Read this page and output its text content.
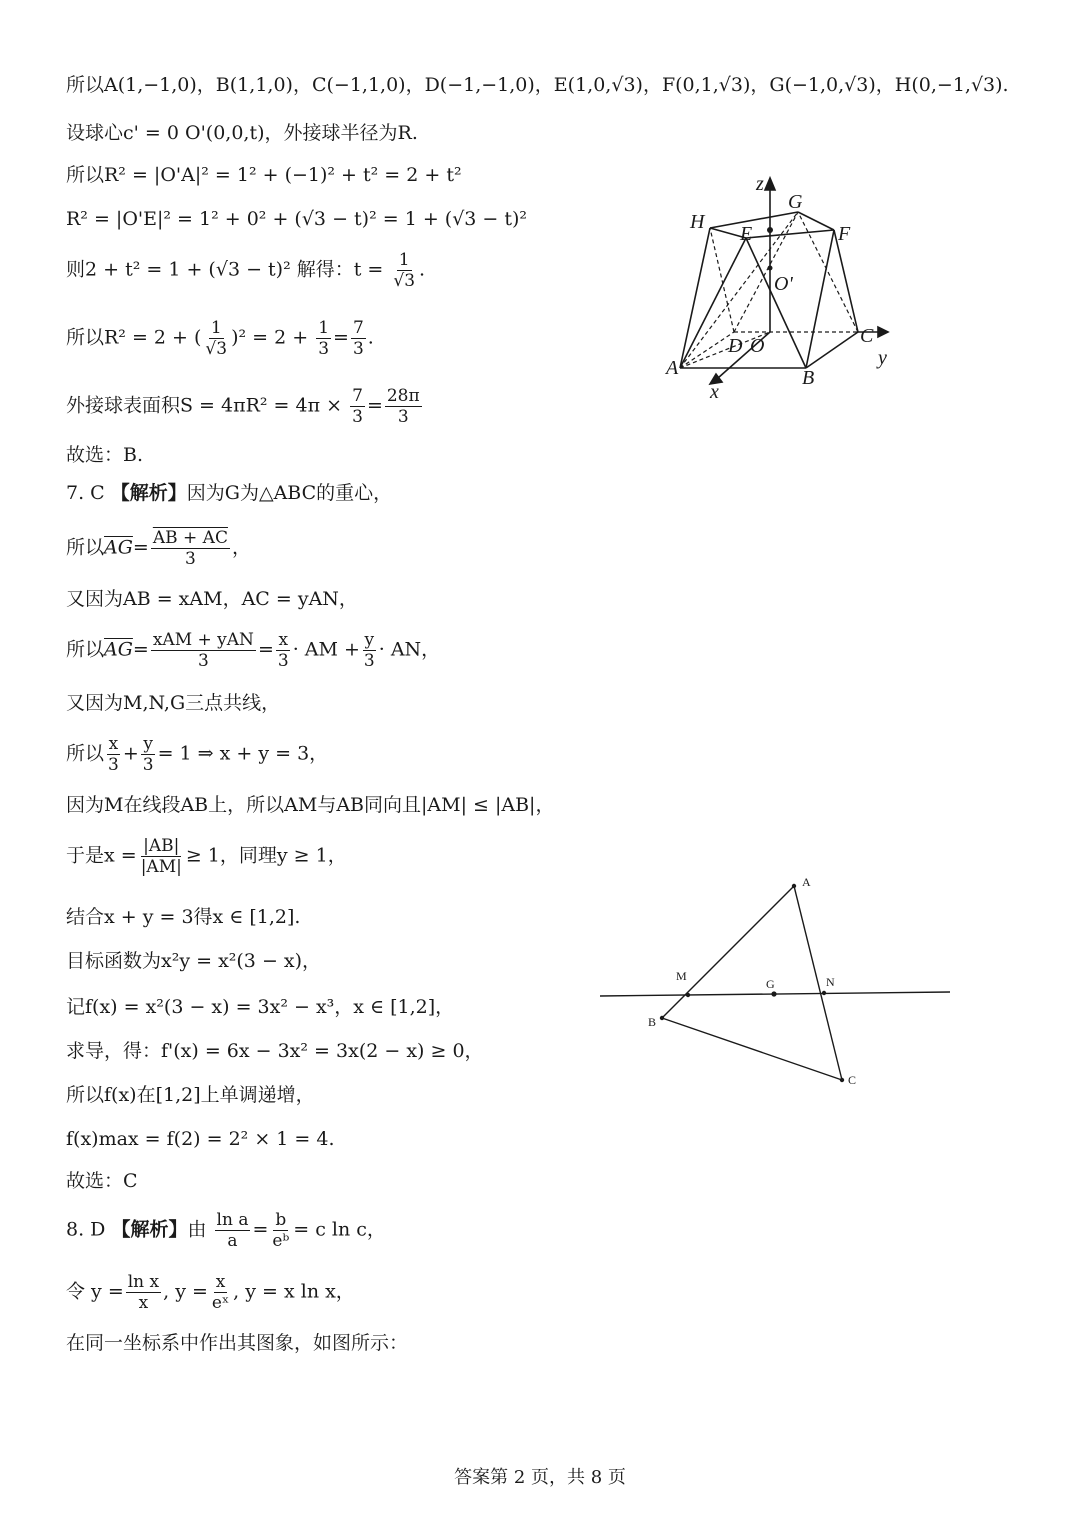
所以A(1,−1,0)，B(1,1,0)，C(−1,1,0)，D(−1,−1,0)，E(1,0,√3)，F(0,1,√3)，G(−1,0,√3)，H(0,−1,√3).
设球心c' = 0 O'(0,0,t)，外接球半径为R.
所以R² = |O'A|² = 1² + (−1)² + t² = 2 + t²
R² = |O'E|² = 1² + 0² + (√3 − t)² = 1 + (√3 − t)²
则2 + t² = 1 + (√3 − t)² 解得：$t = \frac{1}{√3}$ .
所以R² = 2 + ( $\frac{1}{√3} )^2 = 2 + \frac{1}{3} = \frac{7}{3}$ .
外接球表面积$S = 4\pi R^2 = 4\pi \times \frac{7}{3} = \frac{28\pi}{3}$
故选：B.
7. C 【解析】因为G为△ABC的重心，
所以$\overline{AG}= \frac{AB + AC}{3}$ ，
又因为AB = xAM，AC = yAN，
所以$\overline{AG}= \frac{\text{xAM + yAN}}{3} = \frac{x}{3}$ · AM + $\frac{y}{3}$ · AN，
又因为M,N,G三点共线，
所以 $\frac{x}{3} + \frac{y}{3} = 1$ ⇒ x + y = 3，
因为M在线段AB上，所以AM与AB同向且|AM| ≤ |AB|，
于是$x = \frac{|AB|}{|AM|} \ge 1$，同理y ≥ 1，
结合x + y = 3得x ∈ [1,2].
目标函数为x²y = x²(3 − x)，
记f(x) = x²(3 − x) = 3x² − x³，x ∈ [1,2]，
求导，得：f'(x) = 6x − 3x² = 3x(2 − x) ≥ 0，
所以f(x)在[1,2]上单调递增，
f(x)max = f(2) = 2² × 1 = 4.
故选：C
8. D 【解析】由 $\frac{\text{ln a}}{a} = \frac{b}{\text{eᵇ}} = c$ ln c，
令 $y = \frac{\text{ln x}}{x}$ , $y = \frac{x}{\text{eˣ}}$ , y = x ln x，
在同一坐标系中作出其图象，如图所示：
z
G
H
E	F
O'
C
D O
y
A	B
x
A
M
G	N
B
C
答案第 2 页，共 8 页
